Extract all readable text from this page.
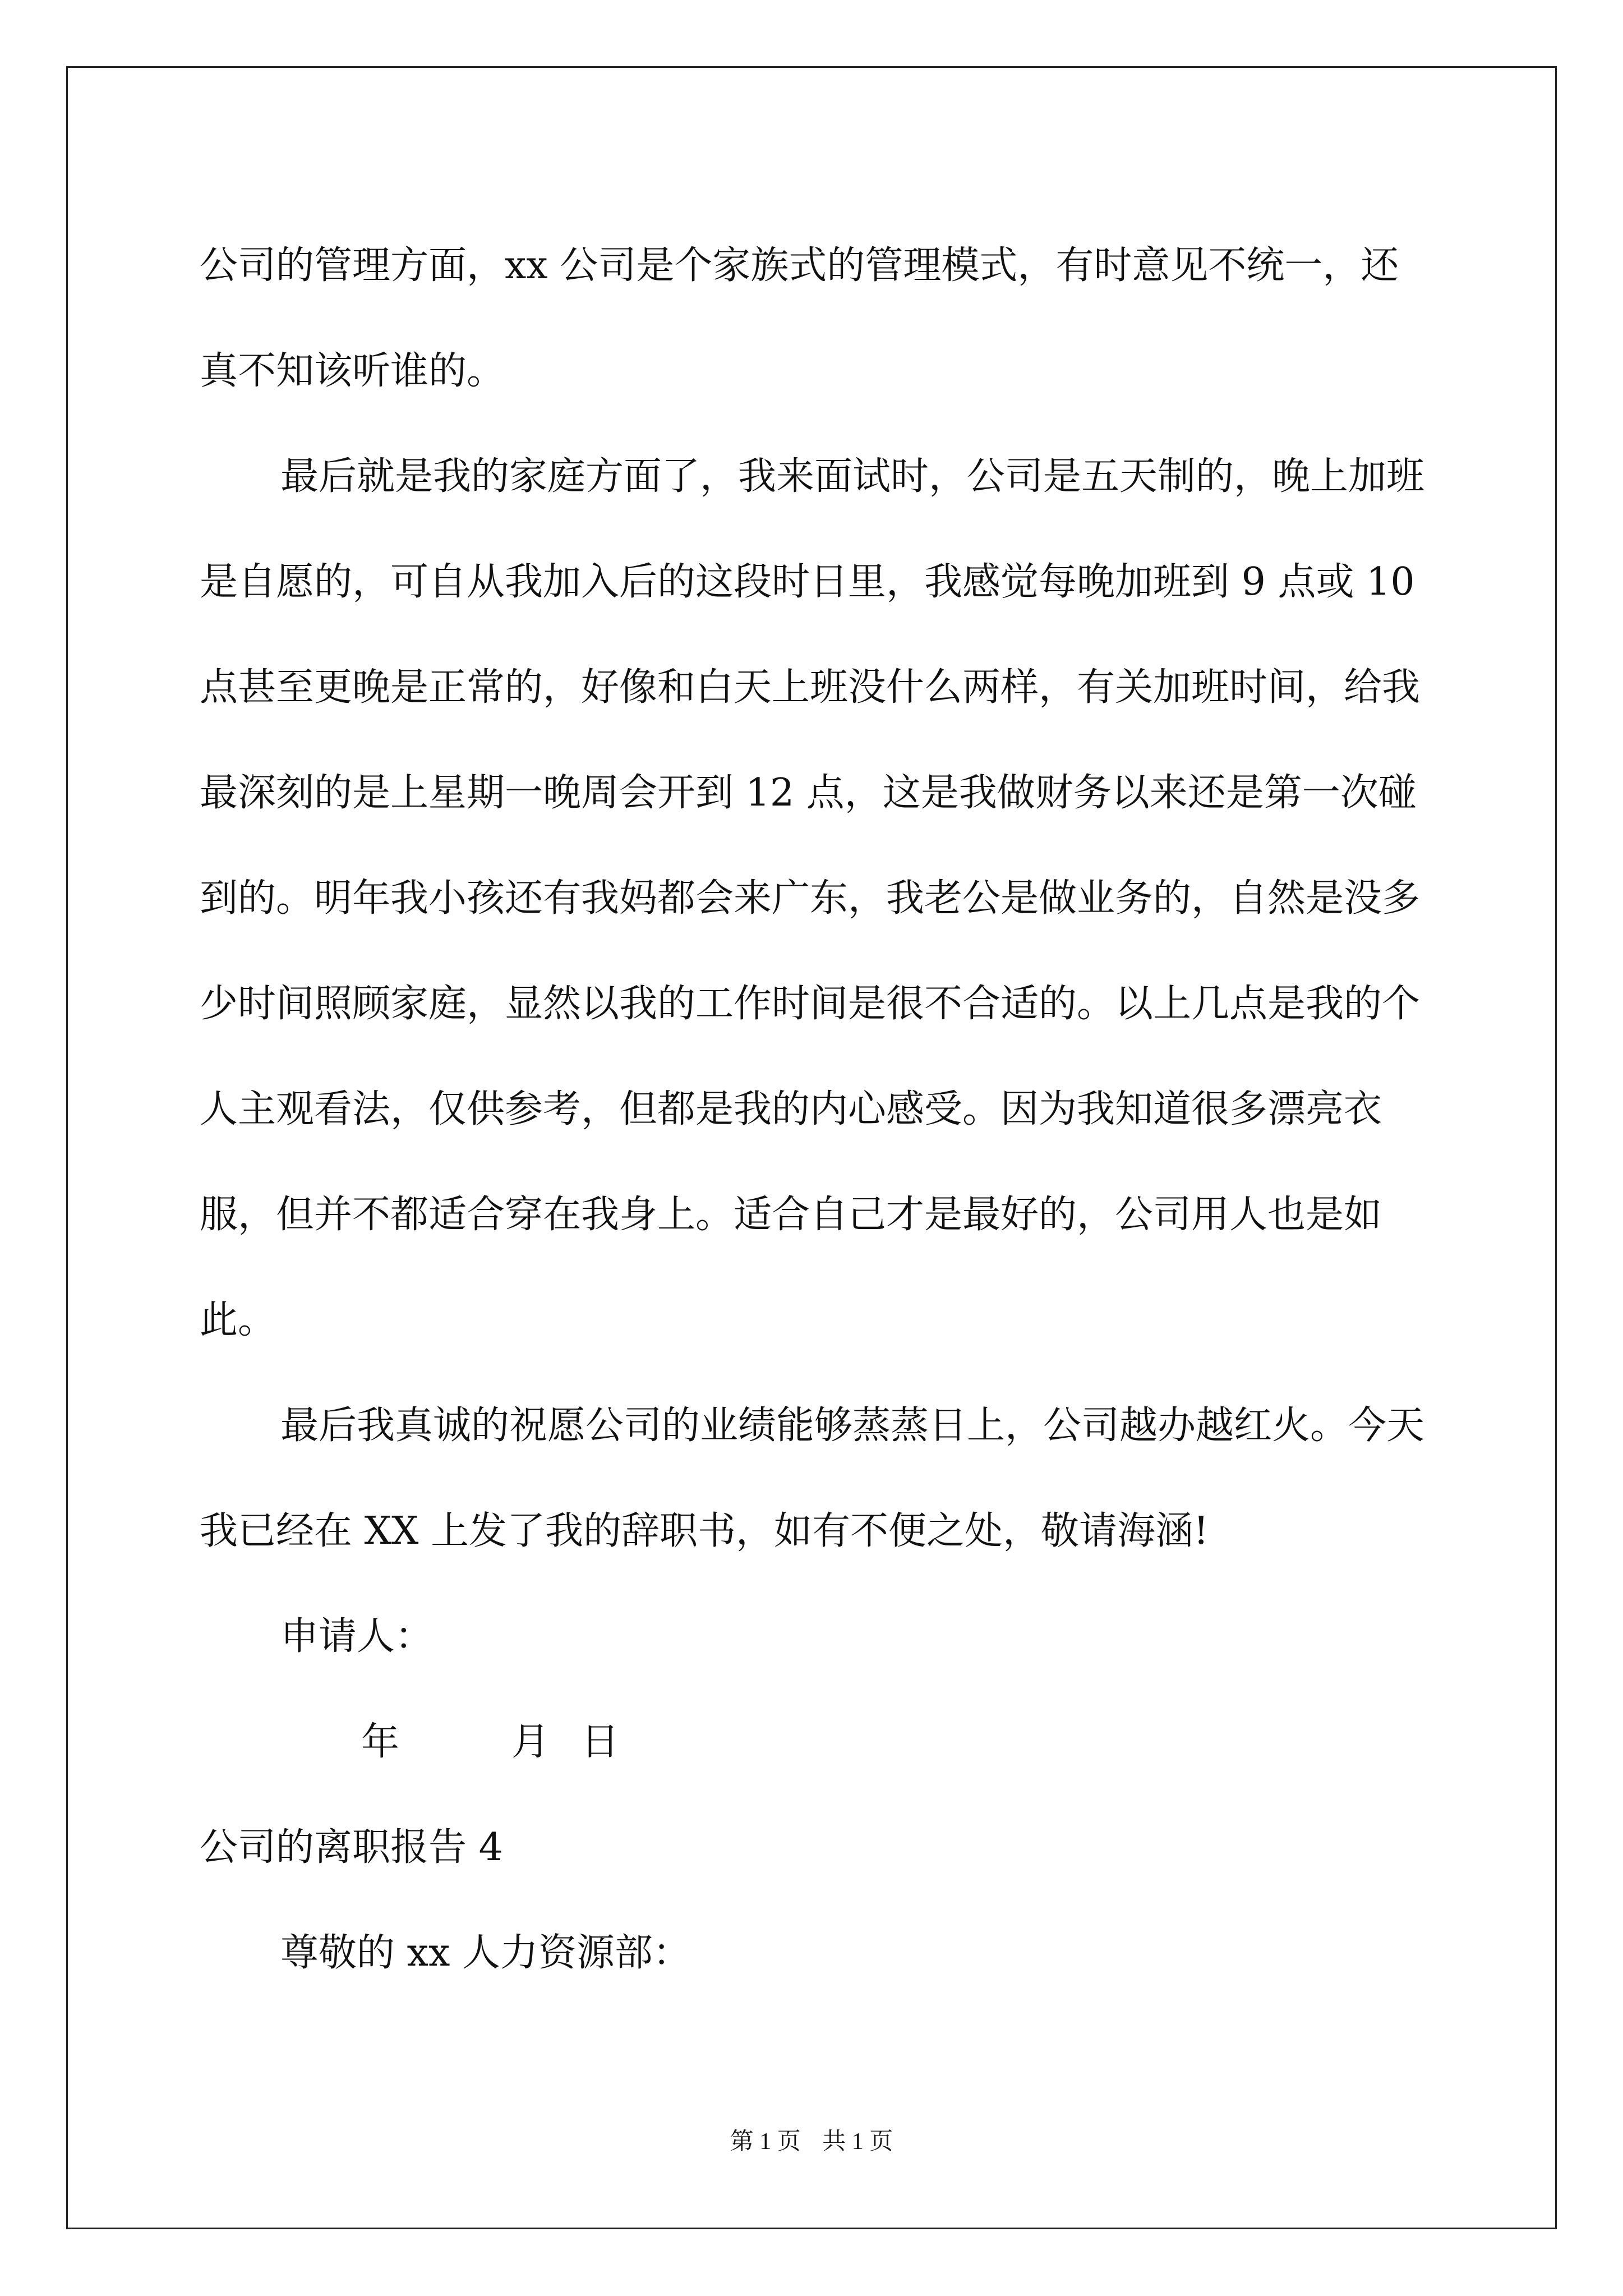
公司的管理方面，xx 公司是个家族式的管理模式，有时意见不统一，还真不知该听谁的。

最后就是我的家庭方面了，我来面试时，公司是五天制的，晚上加班是自愿的，可自从我加入后的这段时日里，我感觉每晚加班到 9 点或 10 点甚至更晚是正常的，好像和白天上班没什么两样，有关加班时间，给我最深刻的是上星期一晚周会开到 12 点，这是我做财务以来还是第一次碰到的。明年我小孩还有我妈都会来广东，我老公是做业务的，自然是没多少时间照顾家庭，显然以我的工作时间是很不合适的。以上几点是我的个人主观看法，仅供参考，但都是我的内心感受。因为我知道很多漂亮衣服，但并不都适合穿在我身上。适合自己才是最好的，公司用人也是如此。

最后我真诚的祝愿公司的业绩能够蒸蒸日上，公司越办越红火。今天我已经在 XX 上发了我的辞职书，如有不便之处，敬请海涵!

申请人：

年	月 日

公司的离职报告 4

尊敬的 xx 人力资源部：

第 1 页 共 1 页
